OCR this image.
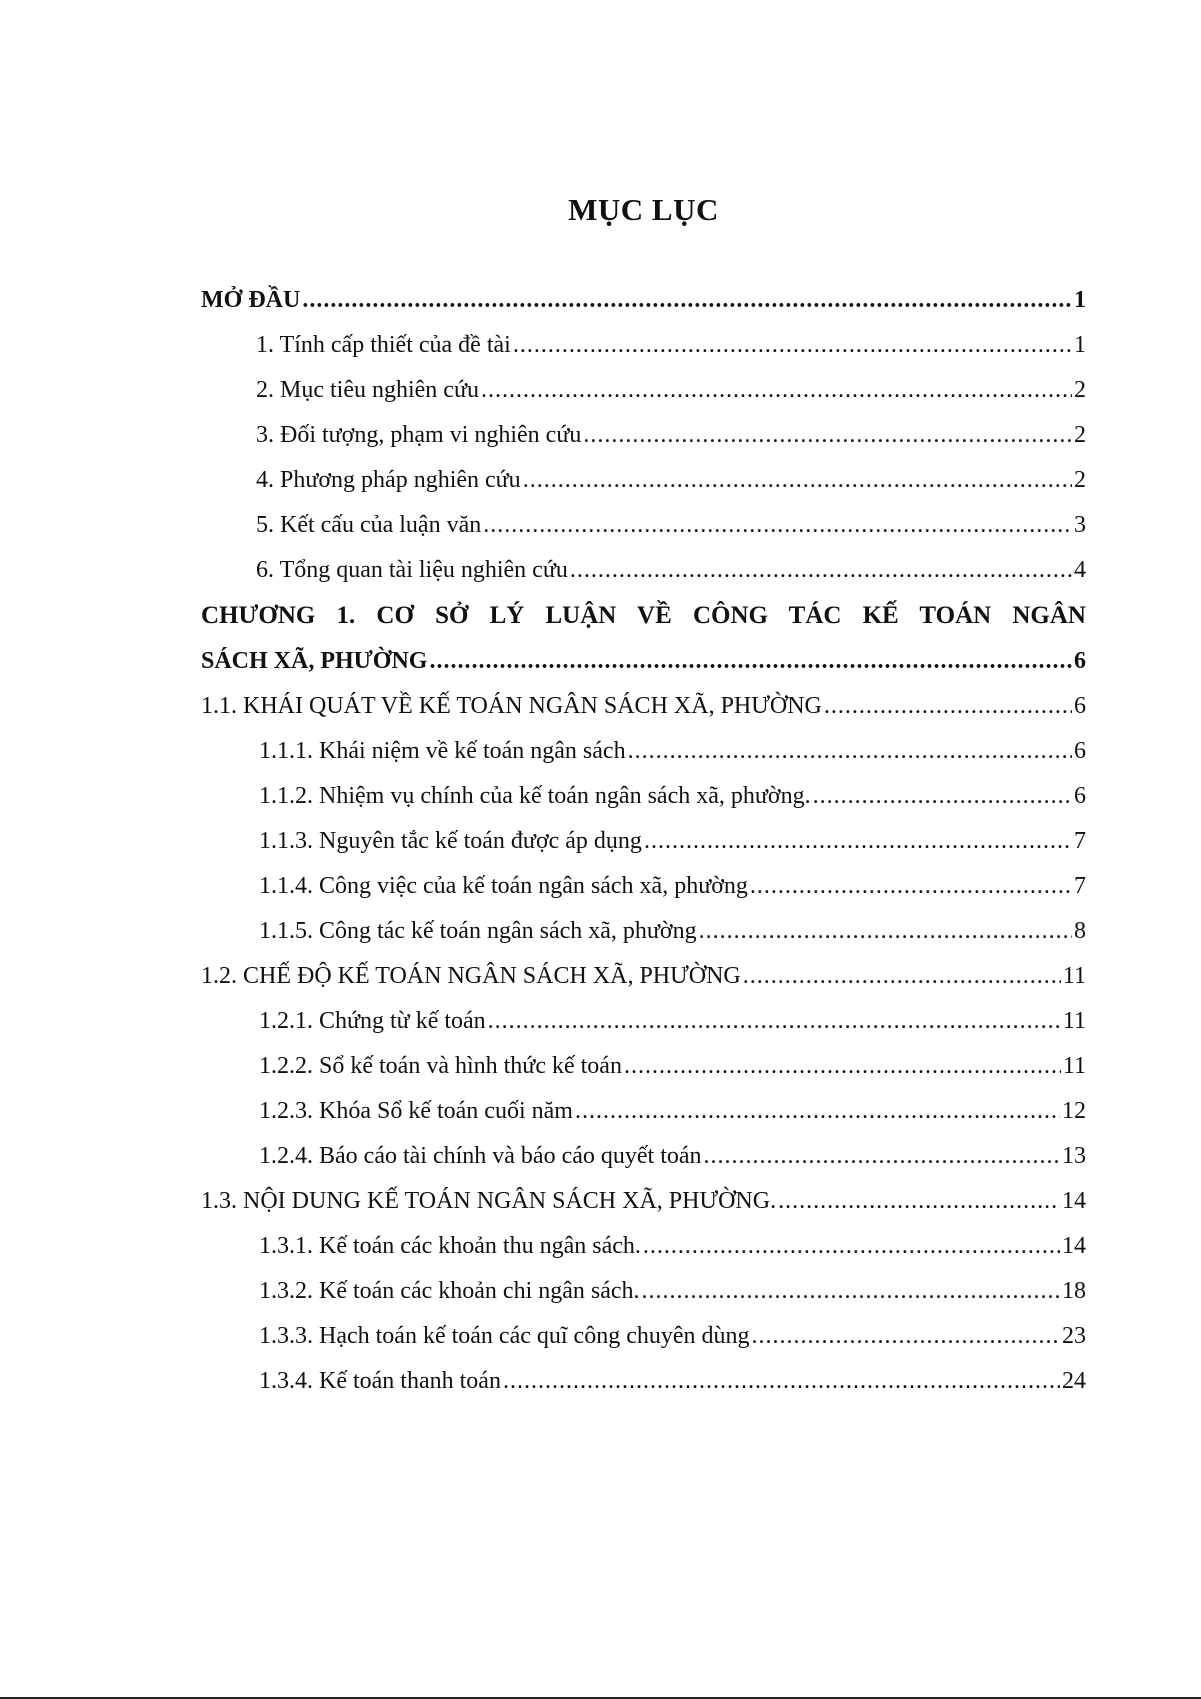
MỤC LỤC
MỞ ĐẦU .....	1
1. Tính cấp thiết của đề tài .....	1
2. Mục tiêu nghiên cứu .....	2
3. Đối tượng, phạm vi nghiên cứu .....	2
4. Phương pháp nghiên cứu .....	2
5. Kết cấu của luận văn .....	3
6. Tổng quan tài liệu nghiên cứu .....	4
CHƯƠNG 1. CƠ SỞ LÝ LUẬN VỀ CÔNG TÁC KẾ TOÁN NGÂN
SÁCH XÃ, PHƯỜNG .....	6
1.1. KHÁI QUÁT VỀ KẾ TOÁN NGÂN SÁCH XÃ, PHƯỜNG .....	6
1.1.1. Khái niệm về kế toán ngân sách .....	6
1.1.2. Nhiệm vụ chính của kế toán ngân sách xã, phường. .....	6
1.1.3. Nguyên tắc kế toán được áp dụng .....	7
1.1.4. Công việc của kế toán ngân sách xã, phường .....	7
1.1.5. Công tác kế toán ngân sách xã, phường .....	8
1.2. CHẾ ĐỘ KẾ TOÁN NGÂN SÁCH XÃ, PHƯỜNG .....	11
1.2.1. Chứng từ kế toán .....	11
1.2.2. Sổ kế toán và hình thức kế toán .....	11
1.2.3. Khóa Sổ kế toán cuối năm .....	12
1.2.4. Báo cáo tài chính và báo cáo quyết toán .....	13
1.3. NỘI DUNG KẾ TOÁN NGÂN SÁCH XÃ, PHƯỜNG. .....	14
1.3.1. Kế toán các khoản thu ngân sách. .....	14
1.3.2. Kế toán các khoản chi ngân sách. .....	18
1.3.3. Hạch toán kế toán các quĩ công chuyên dùng .....	23
1.3.4. Kế toán thanh toán .....	24
